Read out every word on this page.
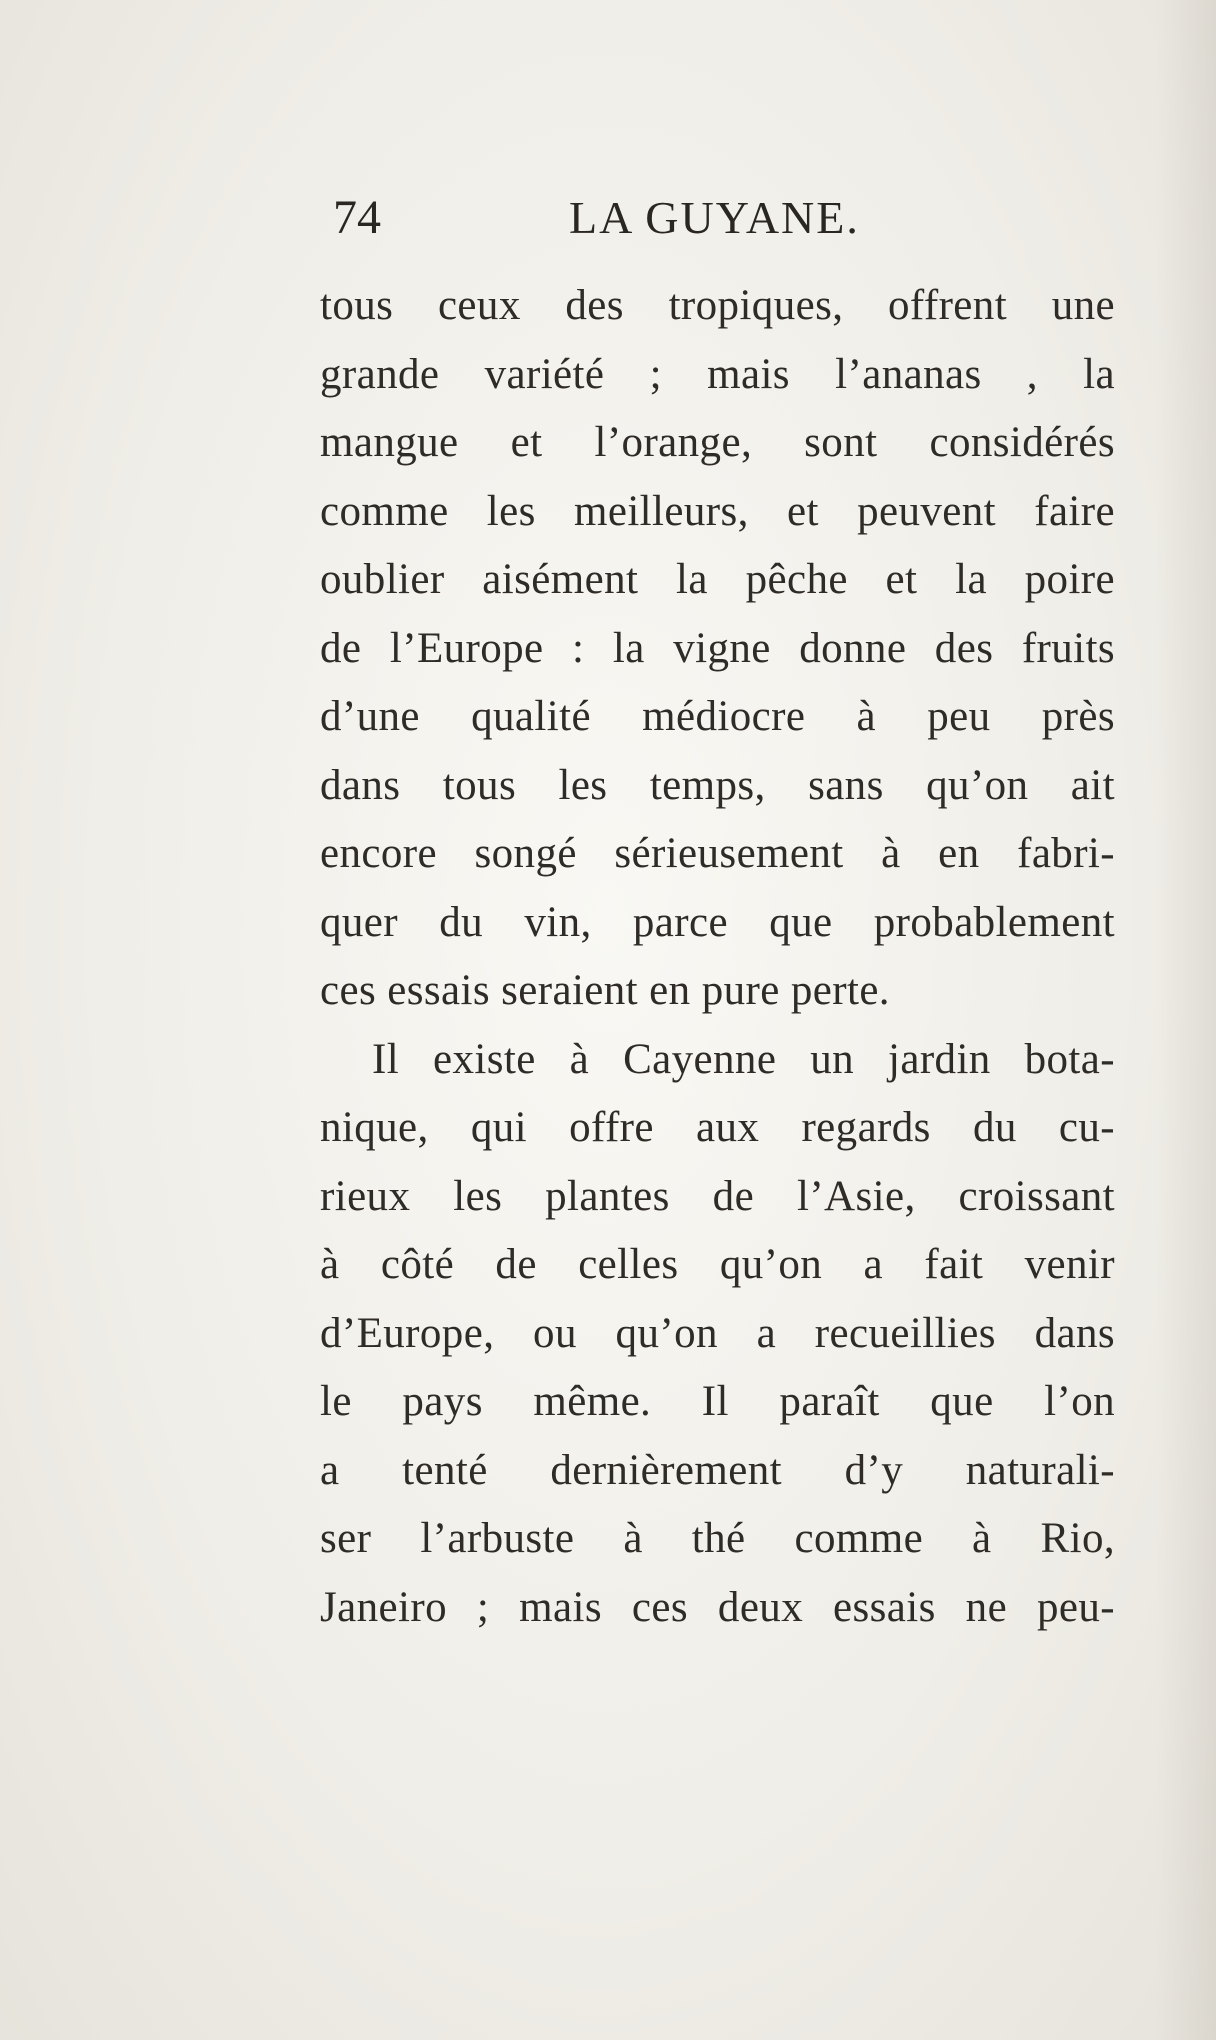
74	LA GUYANE.
tous ceux des tropiques, offrent une
grande variété ; mais l’ananas , la
mangue et l’orange, sont considérés
comme les meilleurs, et peuvent faire
oublier aisément la pêche et la poire
de l’Europe : la vigne donne des fruits
d’une qualité médiocre à peu près
dans tous les temps, sans qu’on ait
encore songé sérieusement à en fabri-
quer du vin, parce que probablement
ces essais seraient en pure perte.
Il existe à Cayenne un jardin bota-
nique, qui offre aux regards du cu-
rieux les plantes de l’Asie, croissant
à côté de celles qu’on a fait venir
d’Europe, ou qu’on a recueillies dans
le pays même. Il paraît que l’on
a tenté dernièrement d’y naturali-
ser l’arbuste à thé comme à Rio,
Janeiro ; mais ces deux essais ne peu-
